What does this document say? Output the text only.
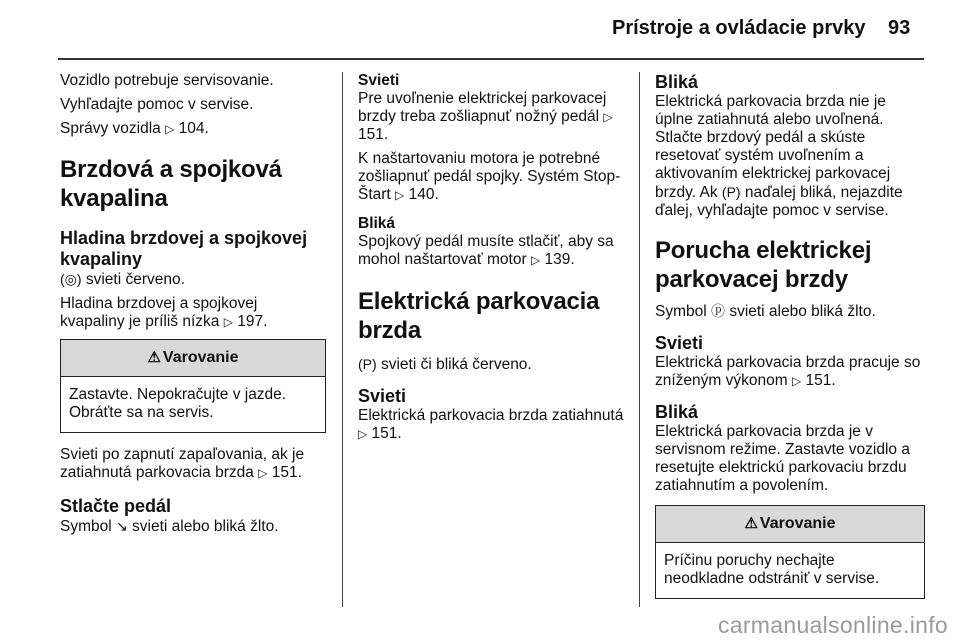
Prístroje a ovládacie prvky 93

Vozidlo potrebuje servisovanie.

Vyhľadajte pomoc v servise.

Správy vozidla ▷ 104.

Brzdová a spojková kvapalina
Hladina brzdovej a spojkovej kvapaliny

(◎) svieti červeno.

Hladina brzdovej a spojkovej kvapaliny je príliš nízka ▷ 197.

⚠ Varovanie
Zastavte. Nepokračujte v jazde. Obráťte sa na servis.

Svieti po zapnutí zapaľovania, ak je zatiahnutá parkovacia brzda ▷ 151.

Stlačte pedál

Symbol ↘ svieti alebo bliká žlto.

Svieti

Pre uvoľnenie elektrickej parkovacej brzdy treba zošliapnuť nožný pedál ▷ 151.

K naštartovaniu motora je potrebné zošliapnuť pedál spojky. Systém Stop-Štart ▷ 140.

Bliká

Spojkový pedál musíte stlačiť, aby sa mohol naštartovať motor ▷ 139.

Elektrická parkovacia brzda

(P) svieti či bliká červeno.

Svieti

Elektrická parkovacia brzda zatiahnutá ▷ 151.

Bliká

Elektrická parkovacia brzda nie je úplne zatiahnutá alebo uvoľnená. Stlačte brzdový pedál a skúste resetovať systém uvoľnením a aktivovaním elektrickej parkovacej brzdy. Ak (P) naďalej bliká, nejazdite ďalej, vyhľadajte pomoc v servise.

Porucha elektrickej parkovacej brzdy

Symbol ⓟ svieti alebo bliká žlto.

Svieti

Elektrická parkovacia brzda pracuje so zníženým výkonom ▷ 151.

Bliká

Elektrická parkovacia brzda je v servisnom režime. Zastavte vozidlo a resetujte elektrickú parkovaciu brzdu zatiahnutím a povolením.

⚠ Varovanie
Príčinu poruchy nechajte neodkladne odstrániť v servise.
carmanualsonline.info
